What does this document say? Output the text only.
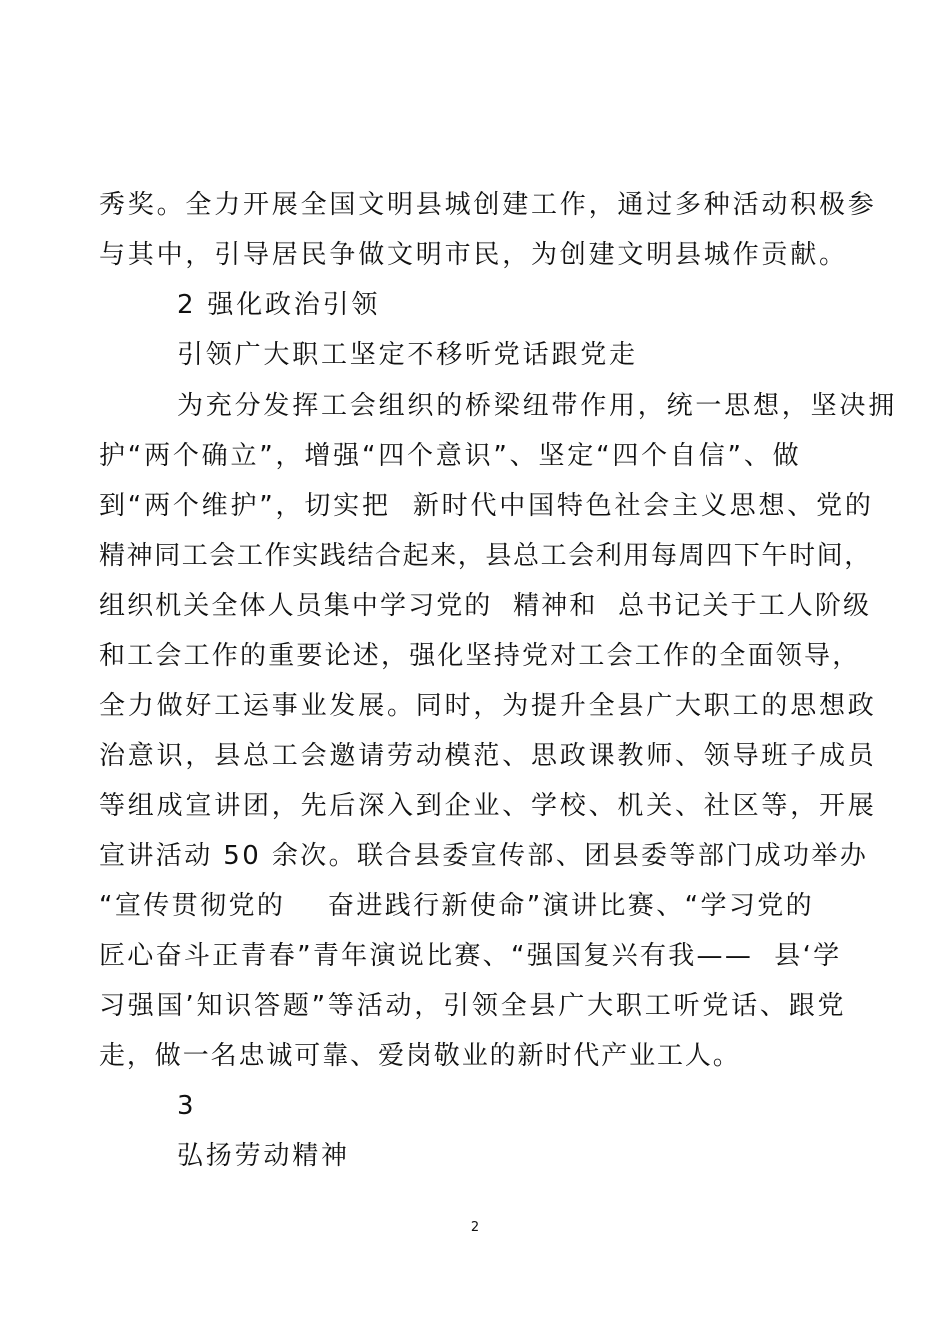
秀奖。全力开展全国文明县城创建工作，通过多种活动积极参
与其中，引导居民争做文明市民，为创建文明县城作贡献。
2 强化政治引领
引领广大职工坚定不移听党话跟党走
为充分发挥工会组织的桥梁纽带作用，统一思想，坚决拥
护“两个确立”，增强“四个意识”、坚定“四个自信”、做
到“两个维护”，切实把  新时代中国特色社会主义思想、党的
精神同工会工作实践结合起来，县总工会利用每周四下午时间，
组织机关全体人员集中学习党的  精神和  总书记关于工人阶级
和工会工作的重要论述，强化坚持党对工会工作的全面领导，
全力做好工运事业发展。同时，为提升全县广大职工的思想政
治意识，县总工会邀请劳动模范、思政课教师、领导班子成员
等组成宣讲团，先后深入到企业、学校、机关、社区等，开展
宣讲活动 50 余次。联合县委宣传部、团县委等部门成功举办
“宣传贯彻党的    奋进践行新使命”演讲比赛、“学习党的
匠心奋斗正青春”青年演说比赛、“强国复兴有我——  县‘学
习强国’知识答题”等活动，引领全县广大职工听党话、跟党
走，做一名忠诚可靠、爱岗敬业的新时代产业工人。
3
弘扬劳动精神
2
